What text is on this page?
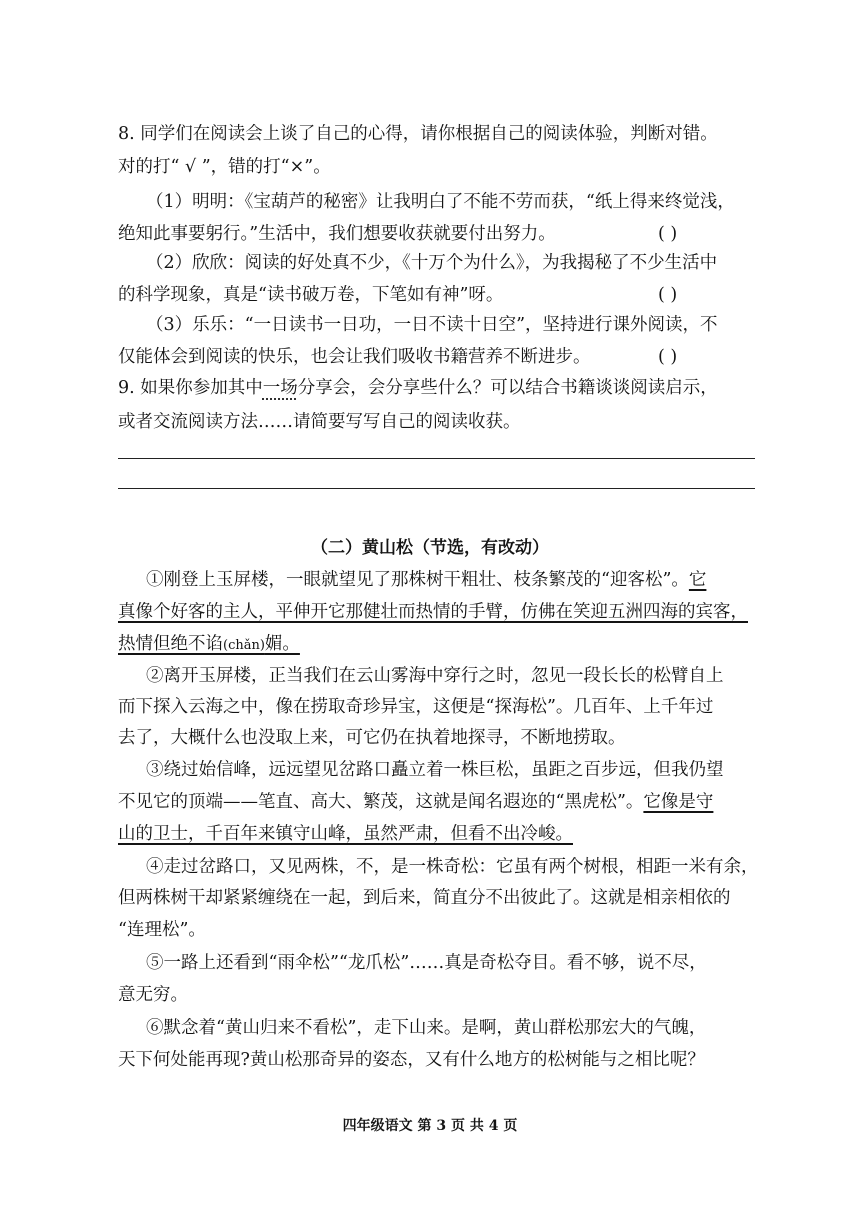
8. 同学们在阅读会上谈了自己的心得，请你根据自己的阅读体验，判断对错。
对的打“ √ ”，错的打“×”。
（1）明明：《宝葫芦的秘密》让我明白了不能不劳而获，“纸上得来终觉浅，
绝知此事要躬行。”生活中，我们想要收获就要付出努力。	( )
（2）欣欣：阅读的好处真不少，《十万个为什么》，为我揭秘了不少生活中
的科学现象，真是“读书破万卷，下笔如有神”呀。	( )
（3）乐乐：“一日读书一日功，一日不读十日空”，坚持进行课外阅读，不
仅能体会到阅读的快乐，也会让我们吸收书籍营养不断进步。	( )
9. 如果你参加其中一场分享会，会分享些什么？可以结合书籍谈谈阅读启示，
或者交流阅读方法……请简要写写自己的阅读收获。
（二）黄山松（节选，有改动）
①刚登上玉屏楼，一眼就望见了那株树干粗壮、枝条繁茂的“迎客松”。它
真像个好客的主人，平伸开它那健壮而热情的手臂，仿佛在笑迎五洲四海的宾客，
热情但绝不谄(chǎn)媚。
②离开玉屏楼，正当我们在云山雾海中穿行之时，忽见一段长长的松臂自上
而下探入云海之中，像在捞取奇珍异宝，这便是“探海松”。几百年、上千年过
去了，大概什么也没取上来，可它仍在执着地探寻，不断地捞取。
③绕过始信峰，远远望见岔路口矗立着一株巨松，虽距之百步远，但我仍望
不见它的顶端——笔直、高大、繁茂，这就是闻名遐迩的“黑虎松”。它像是守
山的卫士，千百年来镇守山峰，虽然严肃，但看不出冷峻。
④走过岔路口，又见两株，不，是一株奇松：它虽有两个树根，相距一米有余，
但两株树干却紧紧缠绕在一起，到后来，简直分不出彼此了。这就是相亲相依的
“连理松”。
⑤一路上还看到“雨伞松”“龙爪松”……真是奇松夺目。看不够，说不尽，
意无穷。
⑥默念着“黄山归来不看松”，走下山来。是啊，黄山群松那宏大的气魄，
天下何处能再现?黄山松那奇异的姿态，又有什么地方的松树能与之相比呢？
四年级语文 第 3 页 共 4 页
